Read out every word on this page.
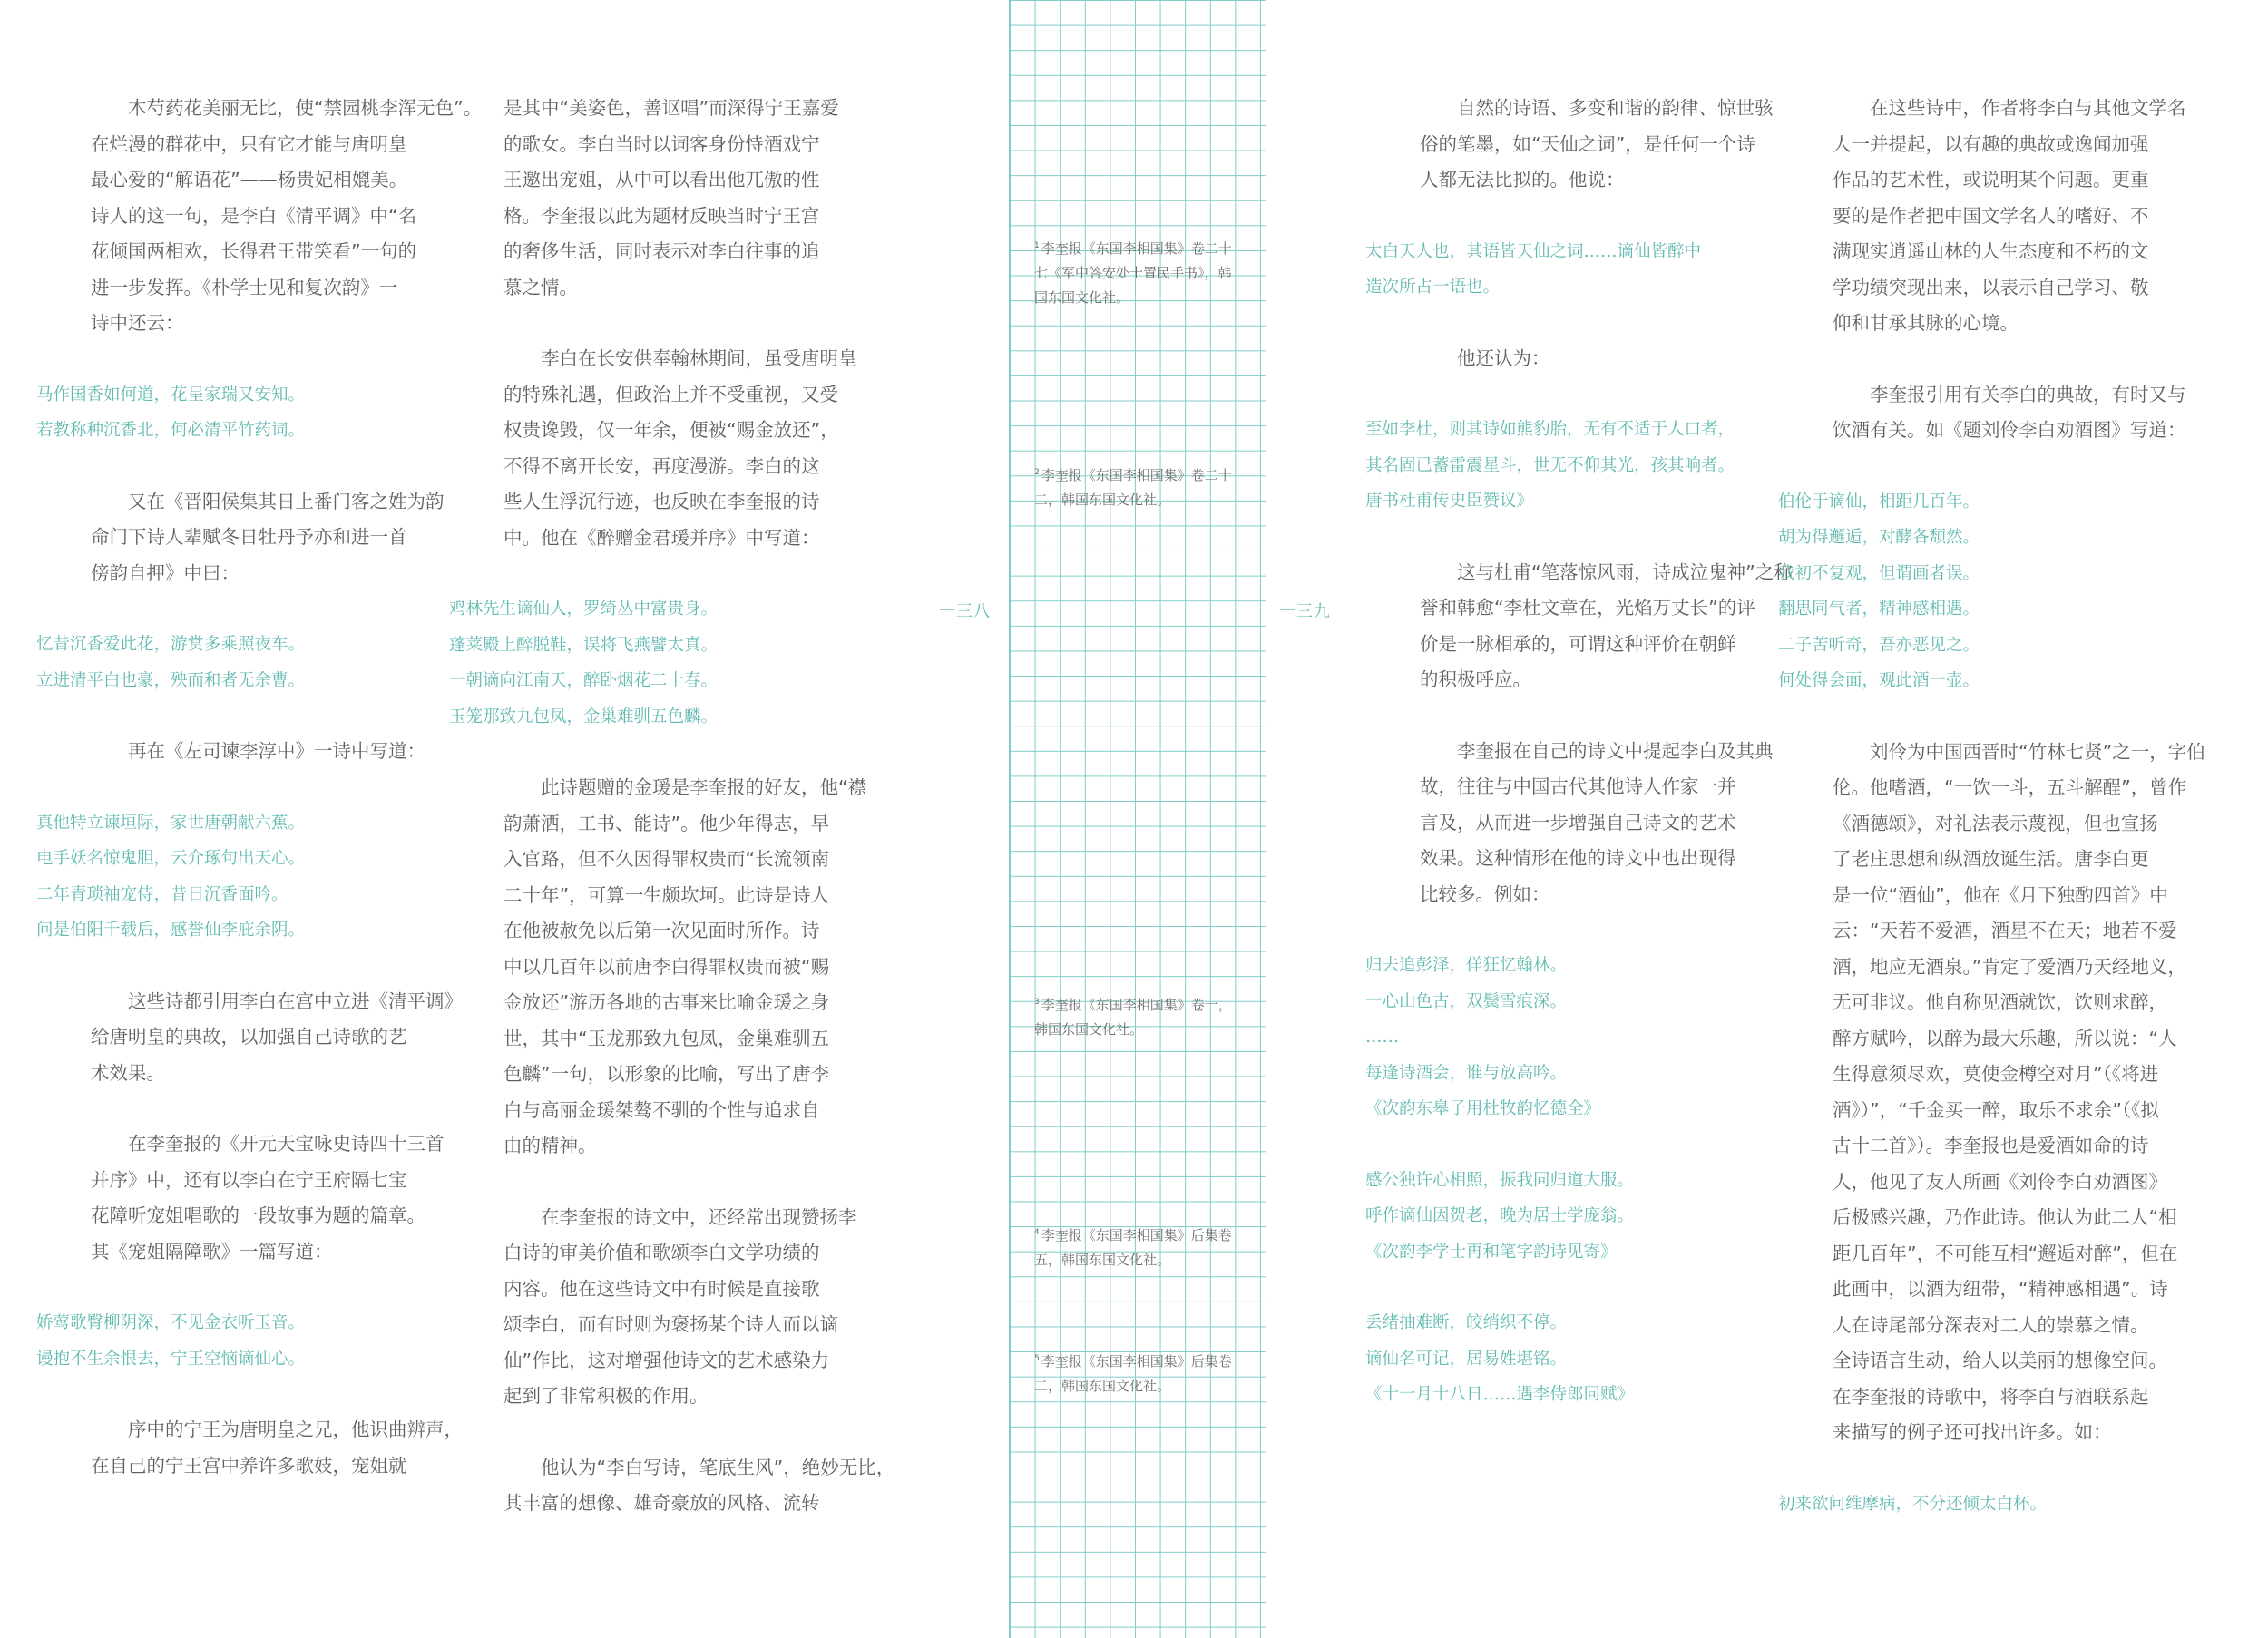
　　木芍药花美丽无比，使“禁园桃李浑无色”。
在烂漫的群花中，只有它才能与唐明皇
最心爱的“解语花”——杨贵妃相媲美。
诗人的这一句，是李白《清平调》中“名
花倾国两相欢，长得君王带笑看”一句的
进一步发挥。《朴学士见和复次韵》一
诗中还云：
马作国香如何道，花呈家瑞又安知。
若教称种沉香北，何必清平竹药词。
　　又在《晋阳侯集其日上番门客之姓为韵
命门下诗人辈赋冬日牡丹予亦和进一首
傍韵自押》中曰：
忆昔沉香爱此花，游赏多乘照夜车。
立进清平白也豪，殃而和者无余曹。
　　再在《左司谏李淳中》一诗中写道：
真他特立谏垣际，家世唐朝献六蕉。
电手妖名惊鬼胆，云介琢句出天心。
二年青琐袖宠侍，昔日沉香面吟。
问是伯阳千载后，感誉仙李庇余阴。
　　这些诗都引用李白在宫中立进《清平调》
给唐明皇的典故，以加强自己诗歌的艺
术效果。
　　在李奎报的《开元天宝咏史诗四十三首
并序》中，还有以李白在宁王府隔七宝
花障听宠姐唱歌的一段故事为题的篇章。
其《宠姐隔障歌》一篇写道：
娇莺歌臀柳阴深，不见金衣听玉音。
谩抱不生余恨去，宁王空恼谪仙心。
　　序中的宁王为唐明皇之兄，他识曲辨声，
在自己的宁王宫中养许多歌妓，宠姐就
是其中“美姿色，善讴唱”而深得宁王嘉爱
的歌女。李白当时以词客身份恃酒戏宁
王邀出宠姐，从中可以看出他兀傲的性
格。李奎报以此为题材反映当时宁王宫
的奢侈生活，同时表示对李白往事的追
慕之情。
　　李白在长安供奉翰林期间，虽受唐明皇
的特殊礼遇，但政治上并不受重视，又受
权贵谗毁，仅一年余，便被“赐金放还”，
不得不离开长安，再度漫游。李白的这
些人生浮沉行迹，也反映在李奎报的诗
中。他在《醉赠金君瑗并序》中写道：
鸡林先生谪仙人，罗绮丛中富贵身。
蓬莱殿上醉脱鞋，误将飞燕譬太真。
一朝谪向江南天，醉卧烟花二十春。
玉笼那致九包凤，金巢难驯五色麟。
　　此诗题赠的金瑗是李奎报的好友，他“襟
韵萧洒，工书、能诗”。他少年得志，早
入官路，但不久因得罪权贵而“长流领南
二十年”，可算一生颇坎坷。此诗是诗人
在他被赦免以后第一次见面时所作。诗
中以几百年以前唐李白得罪权贵而被“赐
金放还”游历各地的古事来比喻金瑗之身
世，其中“玉龙那致九包凤，金巢难驯五
色麟”一句，以形象的比喻，写出了唐李
白与高丽金瑗桀骜不驯的个性与追求自
由的精神。
　　在李奎报的诗文中，还经常出现赞扬李
白诗的审美价值和歌颂李白文学功绩的
内容。他在这些诗文中有时候是直接歌
颂李白，而有时则为褒扬某个诗人而以谪
仙”作比，这对增强他诗文的艺术感染力
起到了非常积极的作用。
　　他认为“李白写诗，笔底生风”，绝妙无比，
其丰富的想像、雄奇豪放的风格、流转
一三八
$^1$ 李奎报《东国李相国集》卷二十七《军中答安处士置民手书》，韩国东国文化社。
$^2$ 李奎报《东国李相国集》卷二十二，韩国东国文化社。
$^3$ 李奎报《东国李相国集》卷一，韩国东国文化社。
$^4$ 李奎报《东国李相国集》后集卷五，韩国东国文化社。
$^5$ 李奎报《东国李相国集》后集卷二，韩国东国文化社。
一三九
　　自然的诗语、多变和谐的韵律、惊世骇
俗的笔墨，如“天仙之词”，是任何一个诗
人都无法比拟的。他说：
太白天人也，其语皆天仙之词……谪仙皆醉中
造次所占一语也。
　　他还认为：
至如李杜，则其诗如熊豹胎，无有不适于人口者，
其名固已蓄雷震星斗，世无不仰其光，孩其响者。
唐书杜甫传史臣赞议》
　　这与杜甫“笔落惊风雨，诗成泣鬼神”之称
誉和韩愈“李杜文章在，光焰万丈长”的评
价是一脉相承的，可谓这种评价在朝鲜
的积极呼应。
　　李奎报在自己的诗文中提起李白及其典
故，往往与中国古代其他诗人作家一并
言及，从而进一步增强自己诗文的艺术
效果。这种情形在他的诗文中也出现得
比较多。例如：
归去追彭泽，佯狂忆翰林。
一心山色古，双鬓雪痕深。
……
每逢诗酒会，谁与放高吟。
《次韵东皋子用杜牧韵忆德全》
感公独许心相照，振我同归道大服。
呼作谪仙因贺老，晚为居士学庞翁。
《次韵李学士再和笔字韵诗见寄》
丢绪抽难断，皎绡织不停。
谪仙名可记，居易姓堪铭。
《十一月十八日……遇李侍郎同赋》
　　在这些诗中，作者将李白与其他文学名
人一并提起，以有趣的典故或逸闻加强
作品的艺术性，或说明某个问题。更重
要的是作者把中国文学名人的嗜好、不
满现实逍遥山林的人生态度和不朽的文
学功绩突现出来，以表示自己学习、敬
仰和甘承其脉的心境。
　　李奎报引用有关李白的典故，有时又与
饮酒有关。如《题刘伶李白劝酒图》写道：
伯伦于谪仙，相距几百年。
胡为得邂逅，对酵各颓然。
我初不复观，但谓画者误。
翻思同气者，精神感相遇。
二子苦听奇，吾亦恶见之。
何处得会面，观此酒一壶。
　　刘伶为中国西晋时“竹林七贤”之一，字伯
伦。他嗜酒，“一饮一斗，五斗解酲”，曾作
《酒德颂》，对礼法表示蔑视，但也宣扬
了老庄思想和纵酒放诞生活。唐李白更
是一位“酒仙”，他在《月下独酌四首》中
云：“天若不爱酒，酒星不在天；地若不爱
酒，地应无酒泉。”肯定了爱酒乃天经地义，
无可非议。他自称见酒就饮，饮则求醉，
醉方赋吟，以醉为最大乐趣，所以说：“人
生得意须尽欢，莫使金樽空对月”（《将进
酒》）”，“千金买一醉，取乐不求余”（《拟
古十二首》）。李奎报也是爱酒如命的诗
人，他见了友人所画《刘伶李白劝酒图》
后极感兴趣，乃作此诗。他认为此二人“相
距几百年”，不可能互相“邂逅对醉”，但在
此画中，以酒为纽带，“精神感相遇”。诗
人在诗尾部分深表对二人的崇慕之情。
全诗语言生动，给人以美丽的想像空间。
在李奎报的诗歌中，将李白与酒联系起
来描写的例子还可找出许多。如：
初来欲问维摩病，不分还倾太白杯。
